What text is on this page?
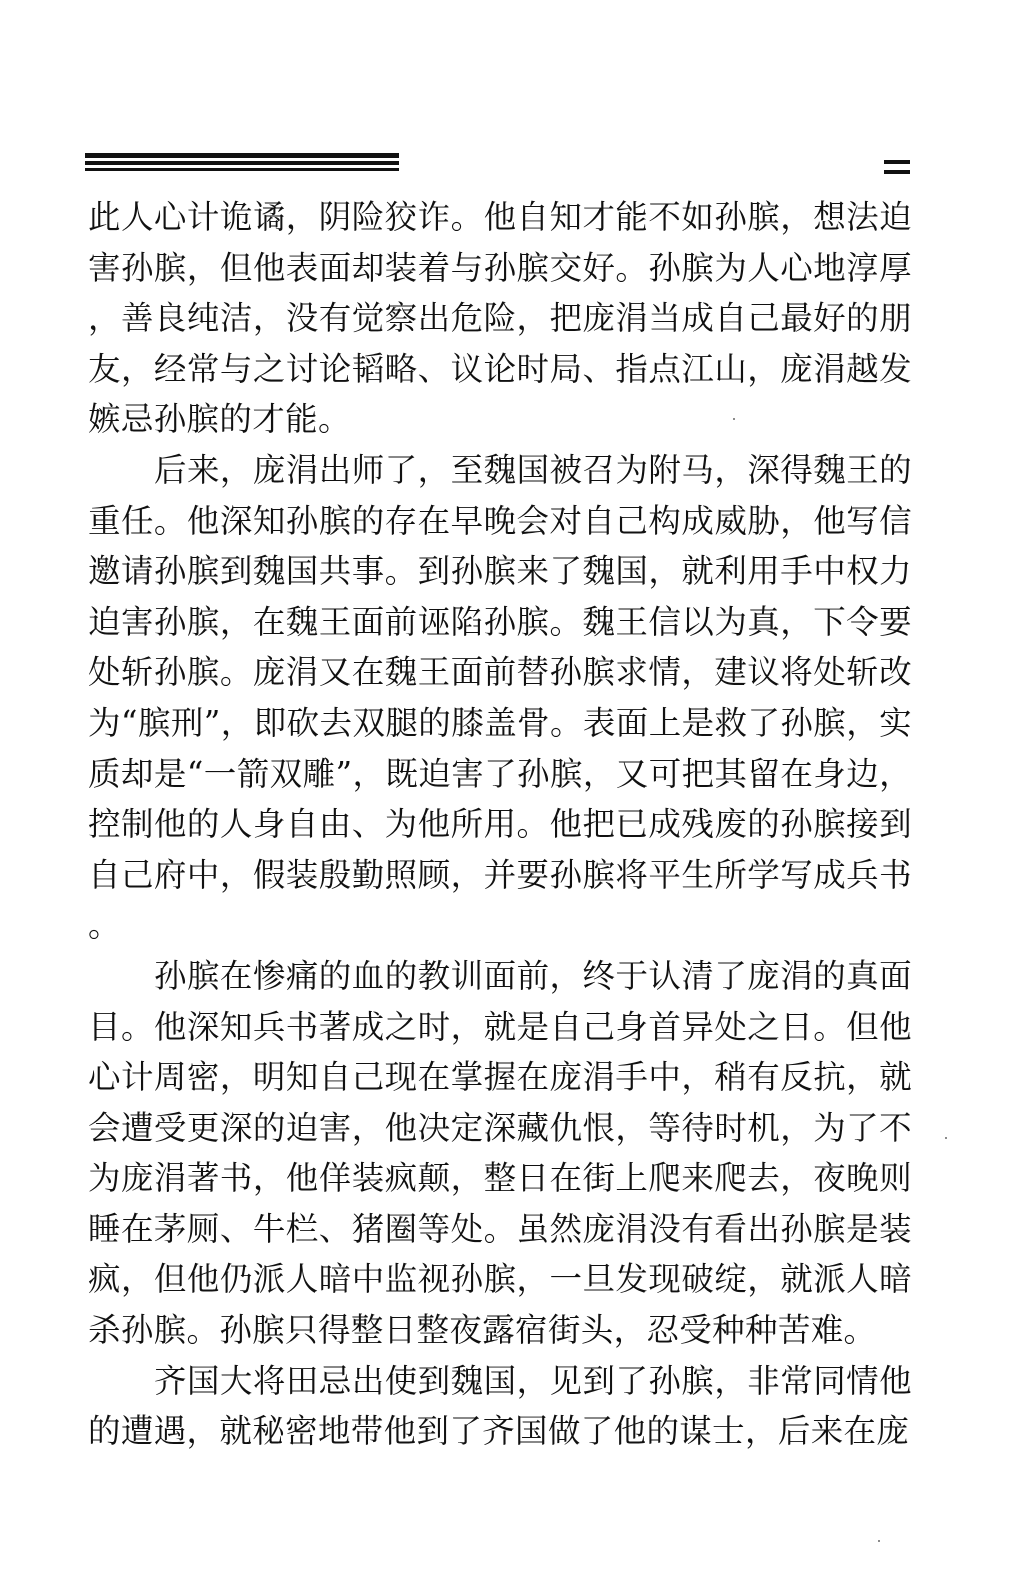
此人心计诡谲，阴险狡诈。他自知才能不如孙膑，想法迫害孙膑，但他表面却装着与孙膑交好。孙膑为人心地淳厚，善良纯洁，没有觉察出危险，把庞涓当成自己最好的朋友，经常与之讨论韬略、议论时局、指点江山，庞涓越发嫉忌孙膑的才能。

后来，庞涓出师了，至魏国被召为附马，深得魏王的重任。他深知孙膑的存在早晚会对自己构成威胁，他写信邀请孙膑到魏国共事。到孙膑来了魏国，就利用手中权力迫害孙膑，在魏王面前诬陷孙膑。魏王信以为真，下令要处斩孙膑。庞涓又在魏王面前替孙膑求情，建议将处斩改为“膑刑”，即砍去双腿的膝盖骨。表面上是救了孙膑，实质却是“一箭双雕”，既迫害了孙膑，又可把其留在身边，控制他的人身自由、为他所用。他把已成残废的孙膑接到自己府中，假装殷勤照顾，并要孙膑将平生所学写成兵书。

孙膑在惨痛的血的教训面前，终于认清了庞涓的真面目。他深知兵书著成之时，就是自己身首异处之日。但他心计周密，明知自己现在掌握在庞涓手中，稍有反抗，就会遭受更深的迫害，他决定深藏仇恨，等待时机，为了不为庞涓著书，他佯装疯颠，整日在街上爬来爬去，夜晚则睡在茅厕、牛栏、猪圈等处。虽然庞涓没有看出孙膑是装疯，但他仍派人暗中监视孙膑，一旦发现破绽，就派人暗杀孙膑。孙膑只得整日整夜露宿街头，忍受种种苦难。

齐国大将田忌出使到魏国，见到了孙膑，非常同情他的遭遇，就秘密地带他到了齐国做了他的谋士，后来在庞
